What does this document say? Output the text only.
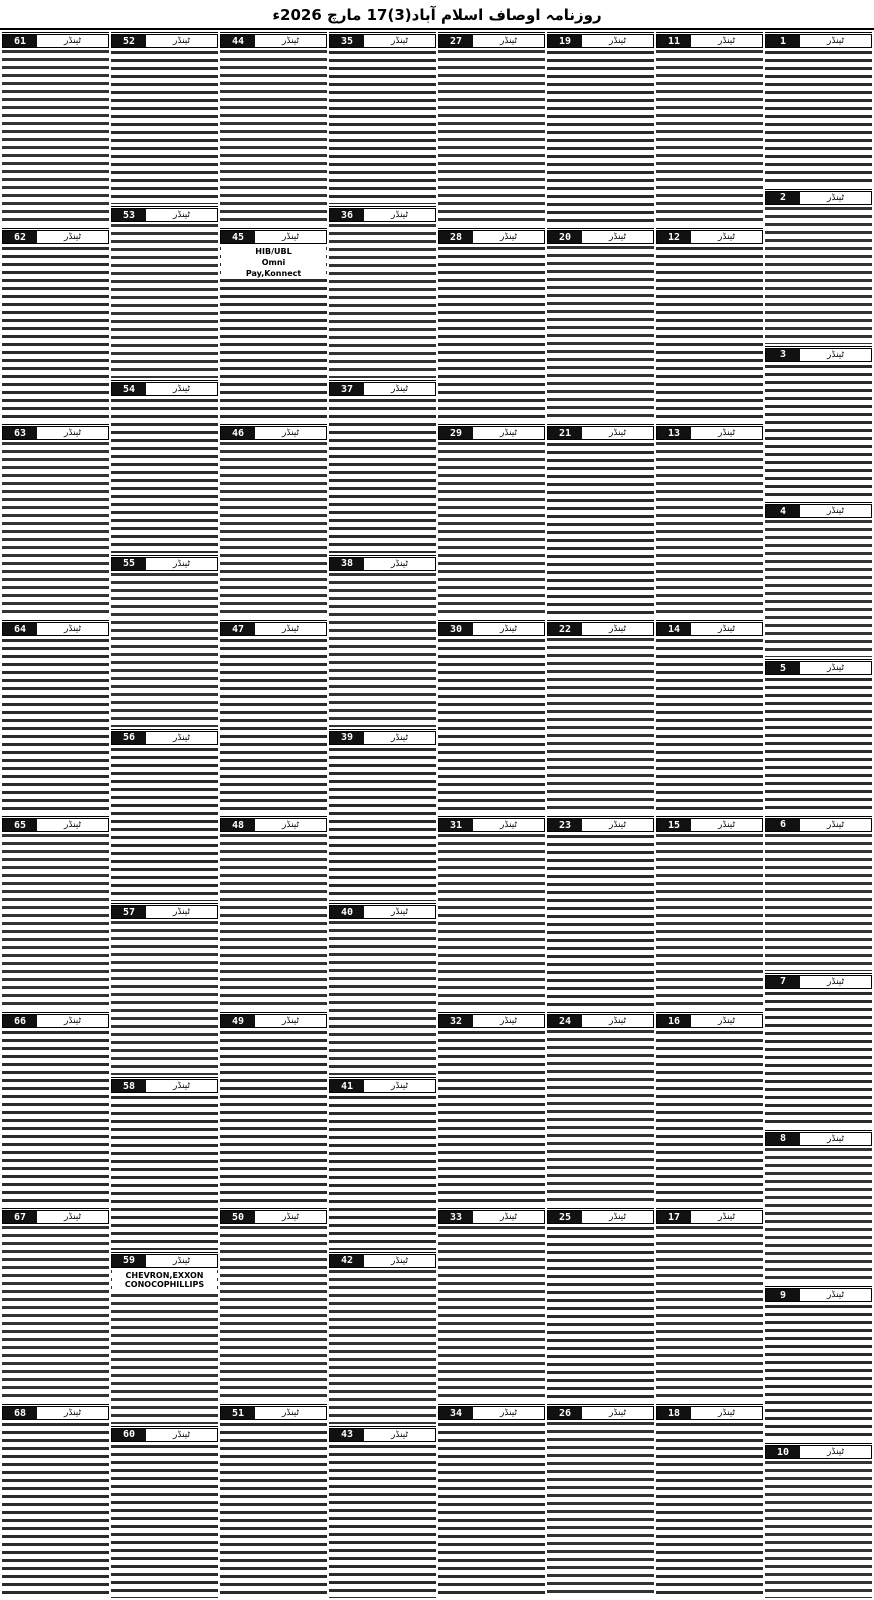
روزنامہ اوصاف اسلام آباد(3)17 مارچ 2026ء
1	ٹینڈر
2	ٹینڈر
3	ٹینڈر
4	ٹینڈر
5	ٹینڈر
6	ٹینڈر
7	ٹینڈر
8	ٹینڈر
9	ٹینڈر
10	ٹینڈر
11	ٹینڈر
12	ٹینڈر
13	ٹینڈر
14	ٹینڈر
15	ٹینڈر
16	ٹینڈر
17	ٹینڈر
18	ٹینڈر
19	ٹینڈر
20	ٹینڈر
21	ٹینڈر
22	ٹینڈر
23	ٹینڈر
24	ٹینڈر
25	ٹینڈر
26	ٹینڈر
27	ٹینڈر
28	ٹینڈر
29	ٹینڈر
30	ٹینڈر
31	ٹینڈر
32	ٹینڈر
33	ٹینڈر
34	ٹینڈر
35	ٹینڈر
36	ٹینڈر
37	ٹینڈر
38	ٹینڈر
39	ٹینڈر
40	ٹینڈر
41	ٹینڈر
42	ٹینڈر
43	ٹینڈر
44	ٹینڈر
45	ٹینڈر
HIB/UBL
Omni
Pay,Konnect
46	ٹینڈر
47	ٹینڈر
48	ٹینڈر
49	ٹینڈر
50	ٹینڈر
51	ٹینڈر
52	ٹینڈر
53	ٹینڈر
54	ٹینڈر
55	ٹینڈر
56	ٹینڈر
57	ٹینڈر
58	ٹینڈر
59	ٹینڈر
CHEVRON,EXXON CONOCOPHILLIPS
60	ٹینڈر
61	ٹینڈر
62	ٹینڈر
63	ٹینڈر
64	ٹینڈر
65	ٹینڈر
66	ٹینڈر
67	ٹینڈر
68	ٹینڈر
